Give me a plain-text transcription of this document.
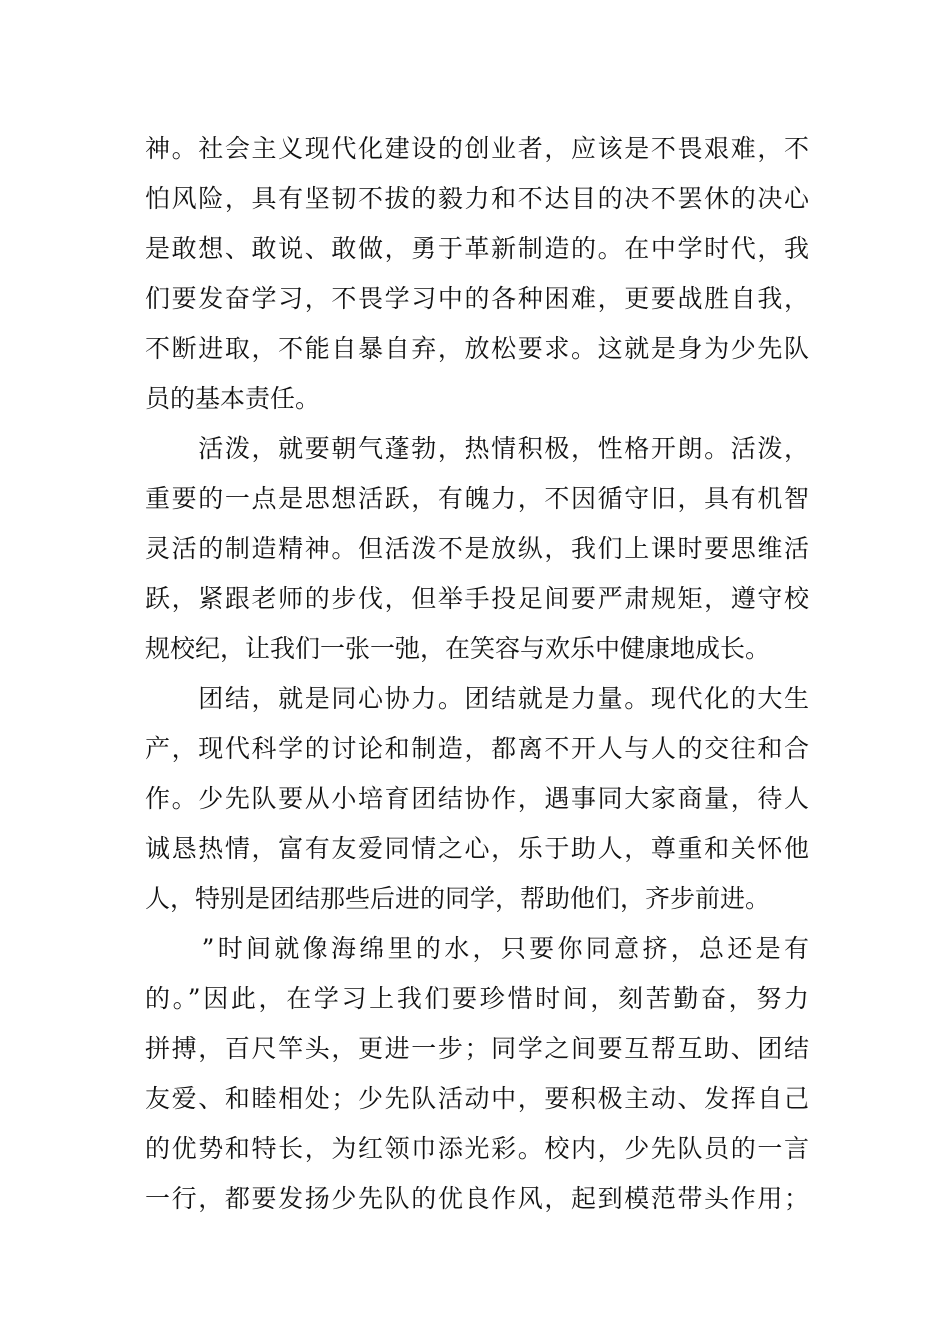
神。社会主义现代化建设的创业者，应该是不畏艰难，不
怕风险，具有坚韧不拔的毅力和不达目的决不罢休的决心
是敢想、敢说、敢做，勇于革新制造的。在中学时代，我
们要发奋学习，不畏学习中的各种困难，更要战胜自我，
不断进取，不能自暴自弃，放松要求。这就是身为少先队
员的基本责任。
　　活泼，就要朝气蓬勃，热情积极，性格开朗。活泼，
重要的一点是思想活跃，有魄力，不因循守旧，具有机智
灵活的制造精神。但活泼不是放纵，我们上课时要思维活
跃，紧跟老师的步伐，但举手投足间要严肃规矩，遵守校
规校纪，让我们一张一弛，在笑容与欢乐中健康地成长。
　　团结，就是同心协力。团结就是力量。现代化的大生
产，现代科学的讨论和制造，都离不开人与人的交往和合
作。少先队要从小培育团结协作，遇事同大家商量，待人
诚恳热情，富有友爱同情之心，乐于助人，尊重和关怀他
人，特别是团结那些后进的同学，帮助他们，齐步前进。
　　”时间就像海绵里的水，只要你同意挤，总还是有
的。”因此，在学习上我们要珍惜时间，刻苦勤奋，努力
拼搏，百尺竿头，更进一步；同学之间要互帮互助、团结
友爱、和睦相处；少先队活动中，要积极主动、发挥自己
的优势和特长，为红领巾添光彩。校内，少先队员的一言
一行，都要发扬少先队的优良作风，起到模范带头作用；
